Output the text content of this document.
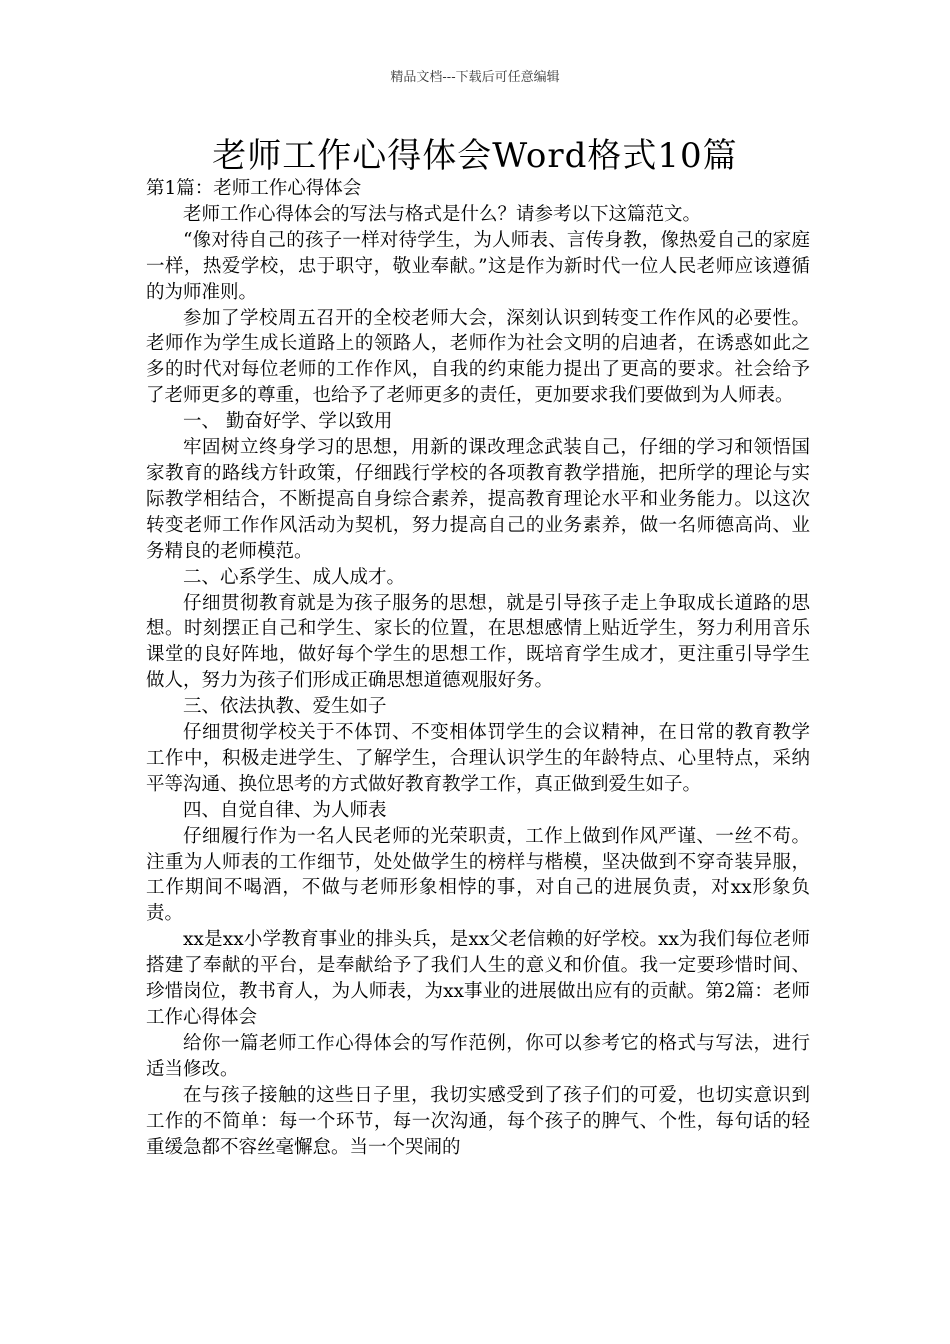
精品文档---下载后可任意编辑
老师工作心得体会Word格式10篇

第1篇：老师工作心得体会

老师工作心得体会的写法与格式是什么？请参考以下这篇范文。

“像对待自己的孩子一样对待学生，为人师表、言传身教，像热爱自己的家庭一样，热爱学校，忠于职守，敬业奉献。”这是作为新时代一位人民老师应该遵循的为师准则。

参加了学校周五召开的全校老师大会，深刻认识到转变工作作风的必要性。老师作为学生成长道路上的领路人，老师作为社会文明的启迪者，在诱惑如此之多的时代对每位老师的工作作风，自我的约束能力提出了更高的要求。社会给予了老师更多的尊重，也给予了老师更多的责任，更加要求我们要做到为人师表。

一、 勤奋好学、学以致用

牢固树立终身学习的思想，用新的课改理念武装自己，仔细的学习和领悟国家教育的路线方针政策，仔细践行学校的各项教育教学措施，把所学的理论与实际教学相结合，不断提高自身综合素养，提高教育理论水平和业务能力。以这次转变老师工作作风活动为契机，努力提高自己的业务素养，做一名师德高尚、业务精良的老师模范。

二、心系学生、成人成才。

仔细贯彻教育就是为孩子服务的思想，就是引导孩子走上争取成长道路的思想。时刻摆正自己和学生、家长的位置，在思想感情上贴近学生，努力利用音乐课堂的良好阵地，做好每个学生的思想工作，既培育学生成才，更注重引导学生做人，努力为孩子们形成正确思想道德观服好务。

三、依法执教、爱生如子

仔细贯彻学校关于不体罚、不变相体罚学生的会议精神，在日常的教育教学工作中，积极走进学生、了解学生，合理认识学生的年龄特点、心里特点，采纳平等沟通、换位思考的方式做好教育教学工作，真正做到爱生如子。

四、自觉自律、为人师表

仔细履行作为一名人民老师的光荣职责，工作上做到作风严谨、一丝不苟。注重为人师表的工作细节，处处做学生的榜样与楷模，坚决做到不穿奇装异服，工作期间不喝酒，不做与老师形象相悖的事，对自己的进展负责，对xx形象负责。

xx是xx小学教育事业的排头兵，是xx父老信赖的好学校。xx为我们每位老师搭建了奉献的平台，是奉献给予了我们人生的意义和价值。我一定要珍惜时间、珍惜岗位，教书育人，为人师表，为xx事业的进展做出应有的贡献。第2篇：老师工作心得体会

给你一篇老师工作心得体会的写作范例，你可以参考它的格式与写法，进行适当修改。

在与孩子接触的这些日子里，我切实感受到了孩子们的可爱，也切实意识到工作的不简单：每一个环节，每一次沟通，每个孩子的脾气、个性，每句话的轻重缓急都不容丝毫懈怠。当一个哭闹的
